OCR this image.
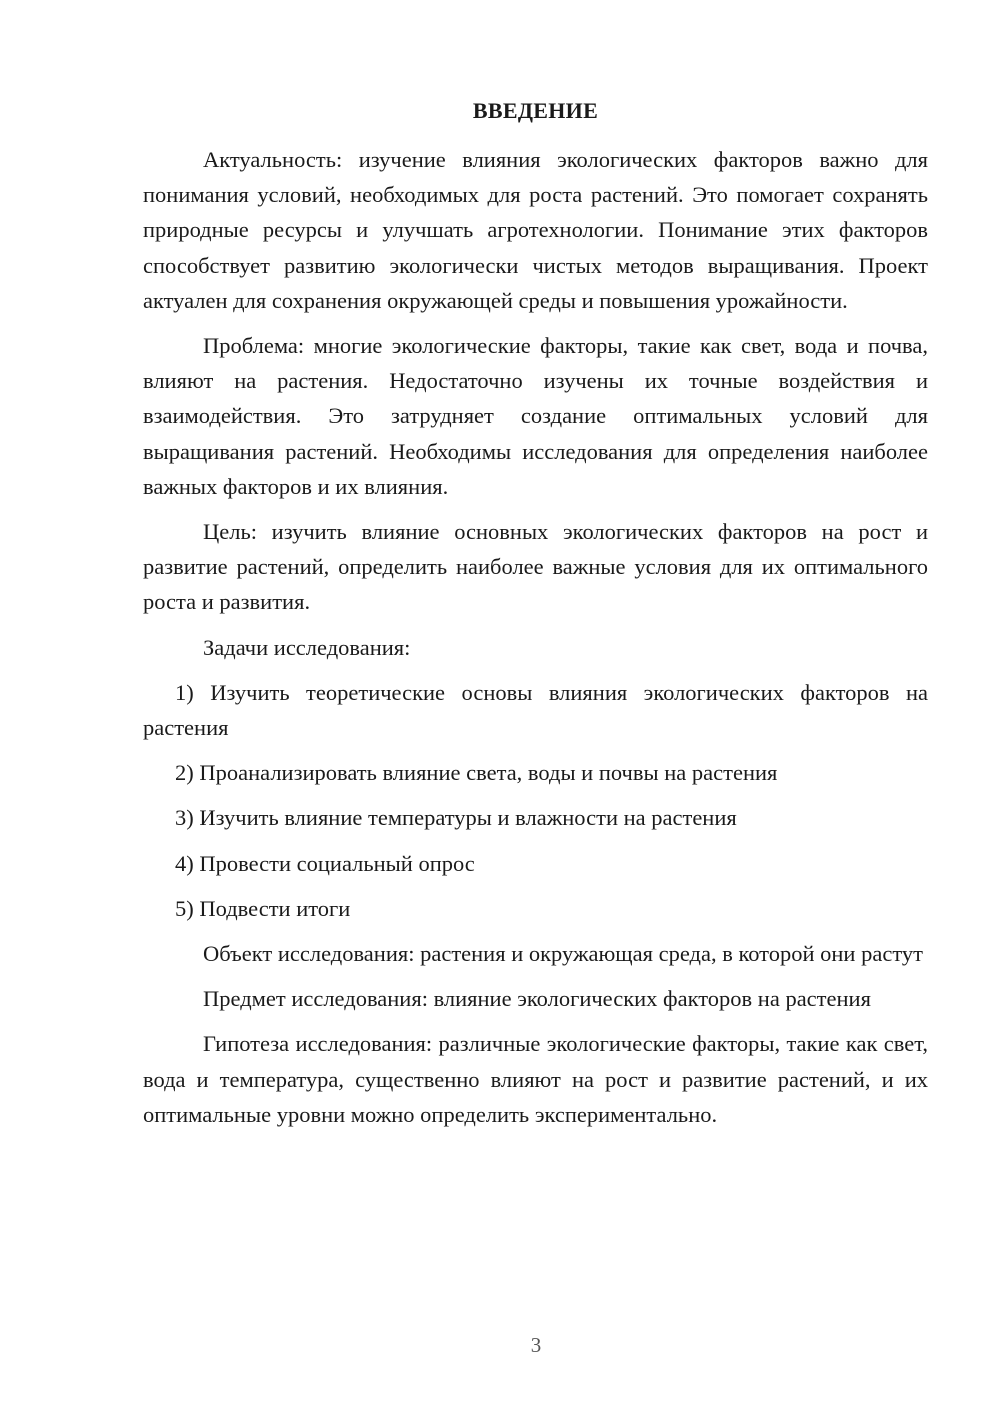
ВВЕДЕНИЕ

Актуальность: изучение влияния экологических факторов важно для понимания условий, необходимых для роста растений. Это помогает сохранять природные ресурсы и улучшать агротехнологии. Понимание этих факторов способствует развитию экологически чистых методов выращивания. Проект актуален для сохранения окружающей среды и повышения урожайности.

Проблема: многие экологические факторы, такие как свет, вода и почва, влияют на растения. Недостаточно изучены их точные воздействия и взаимодействия. Это затрудняет создание оптимальных условий для выращивания растений. Необходимы исследования для определения наиболее важных факторов и их влияния.

Цель: изучить влияние основных экологических факторов на рост и развитие растений, определить наиболее важные условия для их оптимального роста и развития.

Задачи исследования:

1) Изучить теоретические основы влияния экологических факторов на растения

2) Проанализировать влияние света, воды и почвы на растения

3) Изучить влияние температуры и влажности на растения

4) Провести социальный опрос

5) Подвести итоги

Объект исследования: растения и окружающая среда, в которой они растут

Предмет исследования: влияние экологических факторов на растения

Гипотеза исследования: различные экологические факторы, такие как свет, вода и температура, существенно влияют на рост и развитие растений, и их оптимальные уровни можно определить экспериментально.

3
